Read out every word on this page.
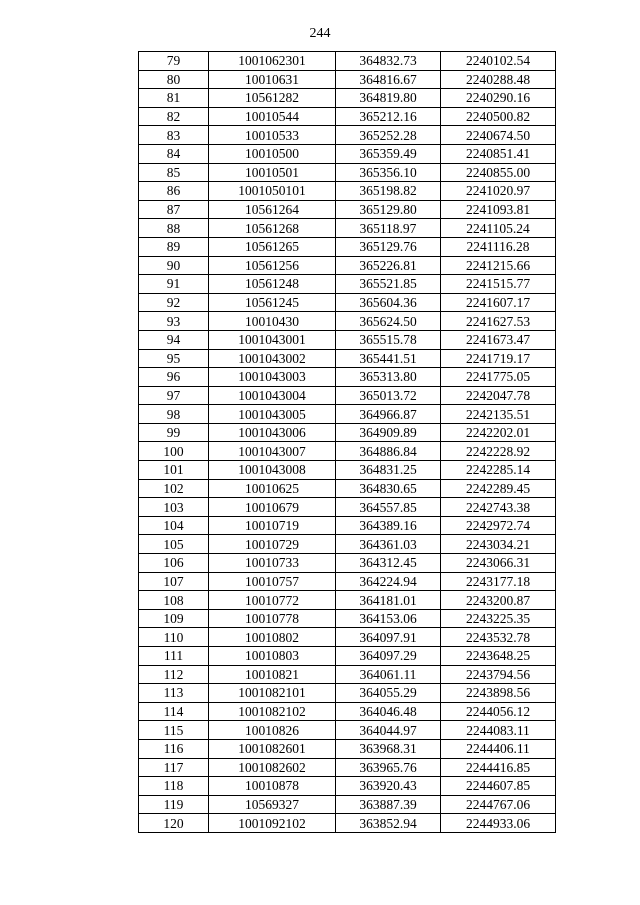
244
79	1001062301	364832.73	2240102.54
80	10010631	364816.67	2240288.48
81	10561282	364819.80	2240290.16
82	10010544	365212.16	2240500.82
83	10010533	365252.28	2240674.50
84	10010500	365359.49	2240851.41
85	10010501	365356.10	2240855.00
86	1001050101	365198.82	2241020.97
87	10561264	365129.80	2241093.81
88	10561268	365118.97	2241105.24
89	10561265	365129.76	2241116.28
90	10561256	365226.81	2241215.66
91	10561248	365521.85	2241515.77
92	10561245	365604.36	2241607.17
93	10010430	365624.50	2241627.53
94	1001043001	365515.78	2241673.47
95	1001043002	365441.51	2241719.17
96	1001043003	365313.80	2241775.05
97	1001043004	365013.72	2242047.78
98	1001043005	364966.87	2242135.51
99	1001043006	364909.89	2242202.01
100	1001043007	364886.84	2242228.92
101	1001043008	364831.25	2242285.14
102	10010625	364830.65	2242289.45
103	10010679	364557.85	2242743.38
104	10010719	364389.16	2242972.74
105	10010729	364361.03	2243034.21
106	10010733	364312.45	2243066.31
107	10010757	364224.94	2243177.18
108	10010772	364181.01	2243200.87
109	10010778	364153.06	2243225.35
110	10010802	364097.91	2243532.78
111	10010803	364097.29	2243648.25
112	10010821	364061.11	2243794.56
113	1001082101	364055.29	2243898.56
114	1001082102	364046.48	2244056.12
115	10010826	364044.97	2244083.11
116	1001082601	363968.31	2244406.11
117	1001082602	363965.76	2244416.85
118	10010878	363920.43	2244607.85
119	10569327	363887.39	2244767.06
120	1001092102	363852.94	2244933.06
